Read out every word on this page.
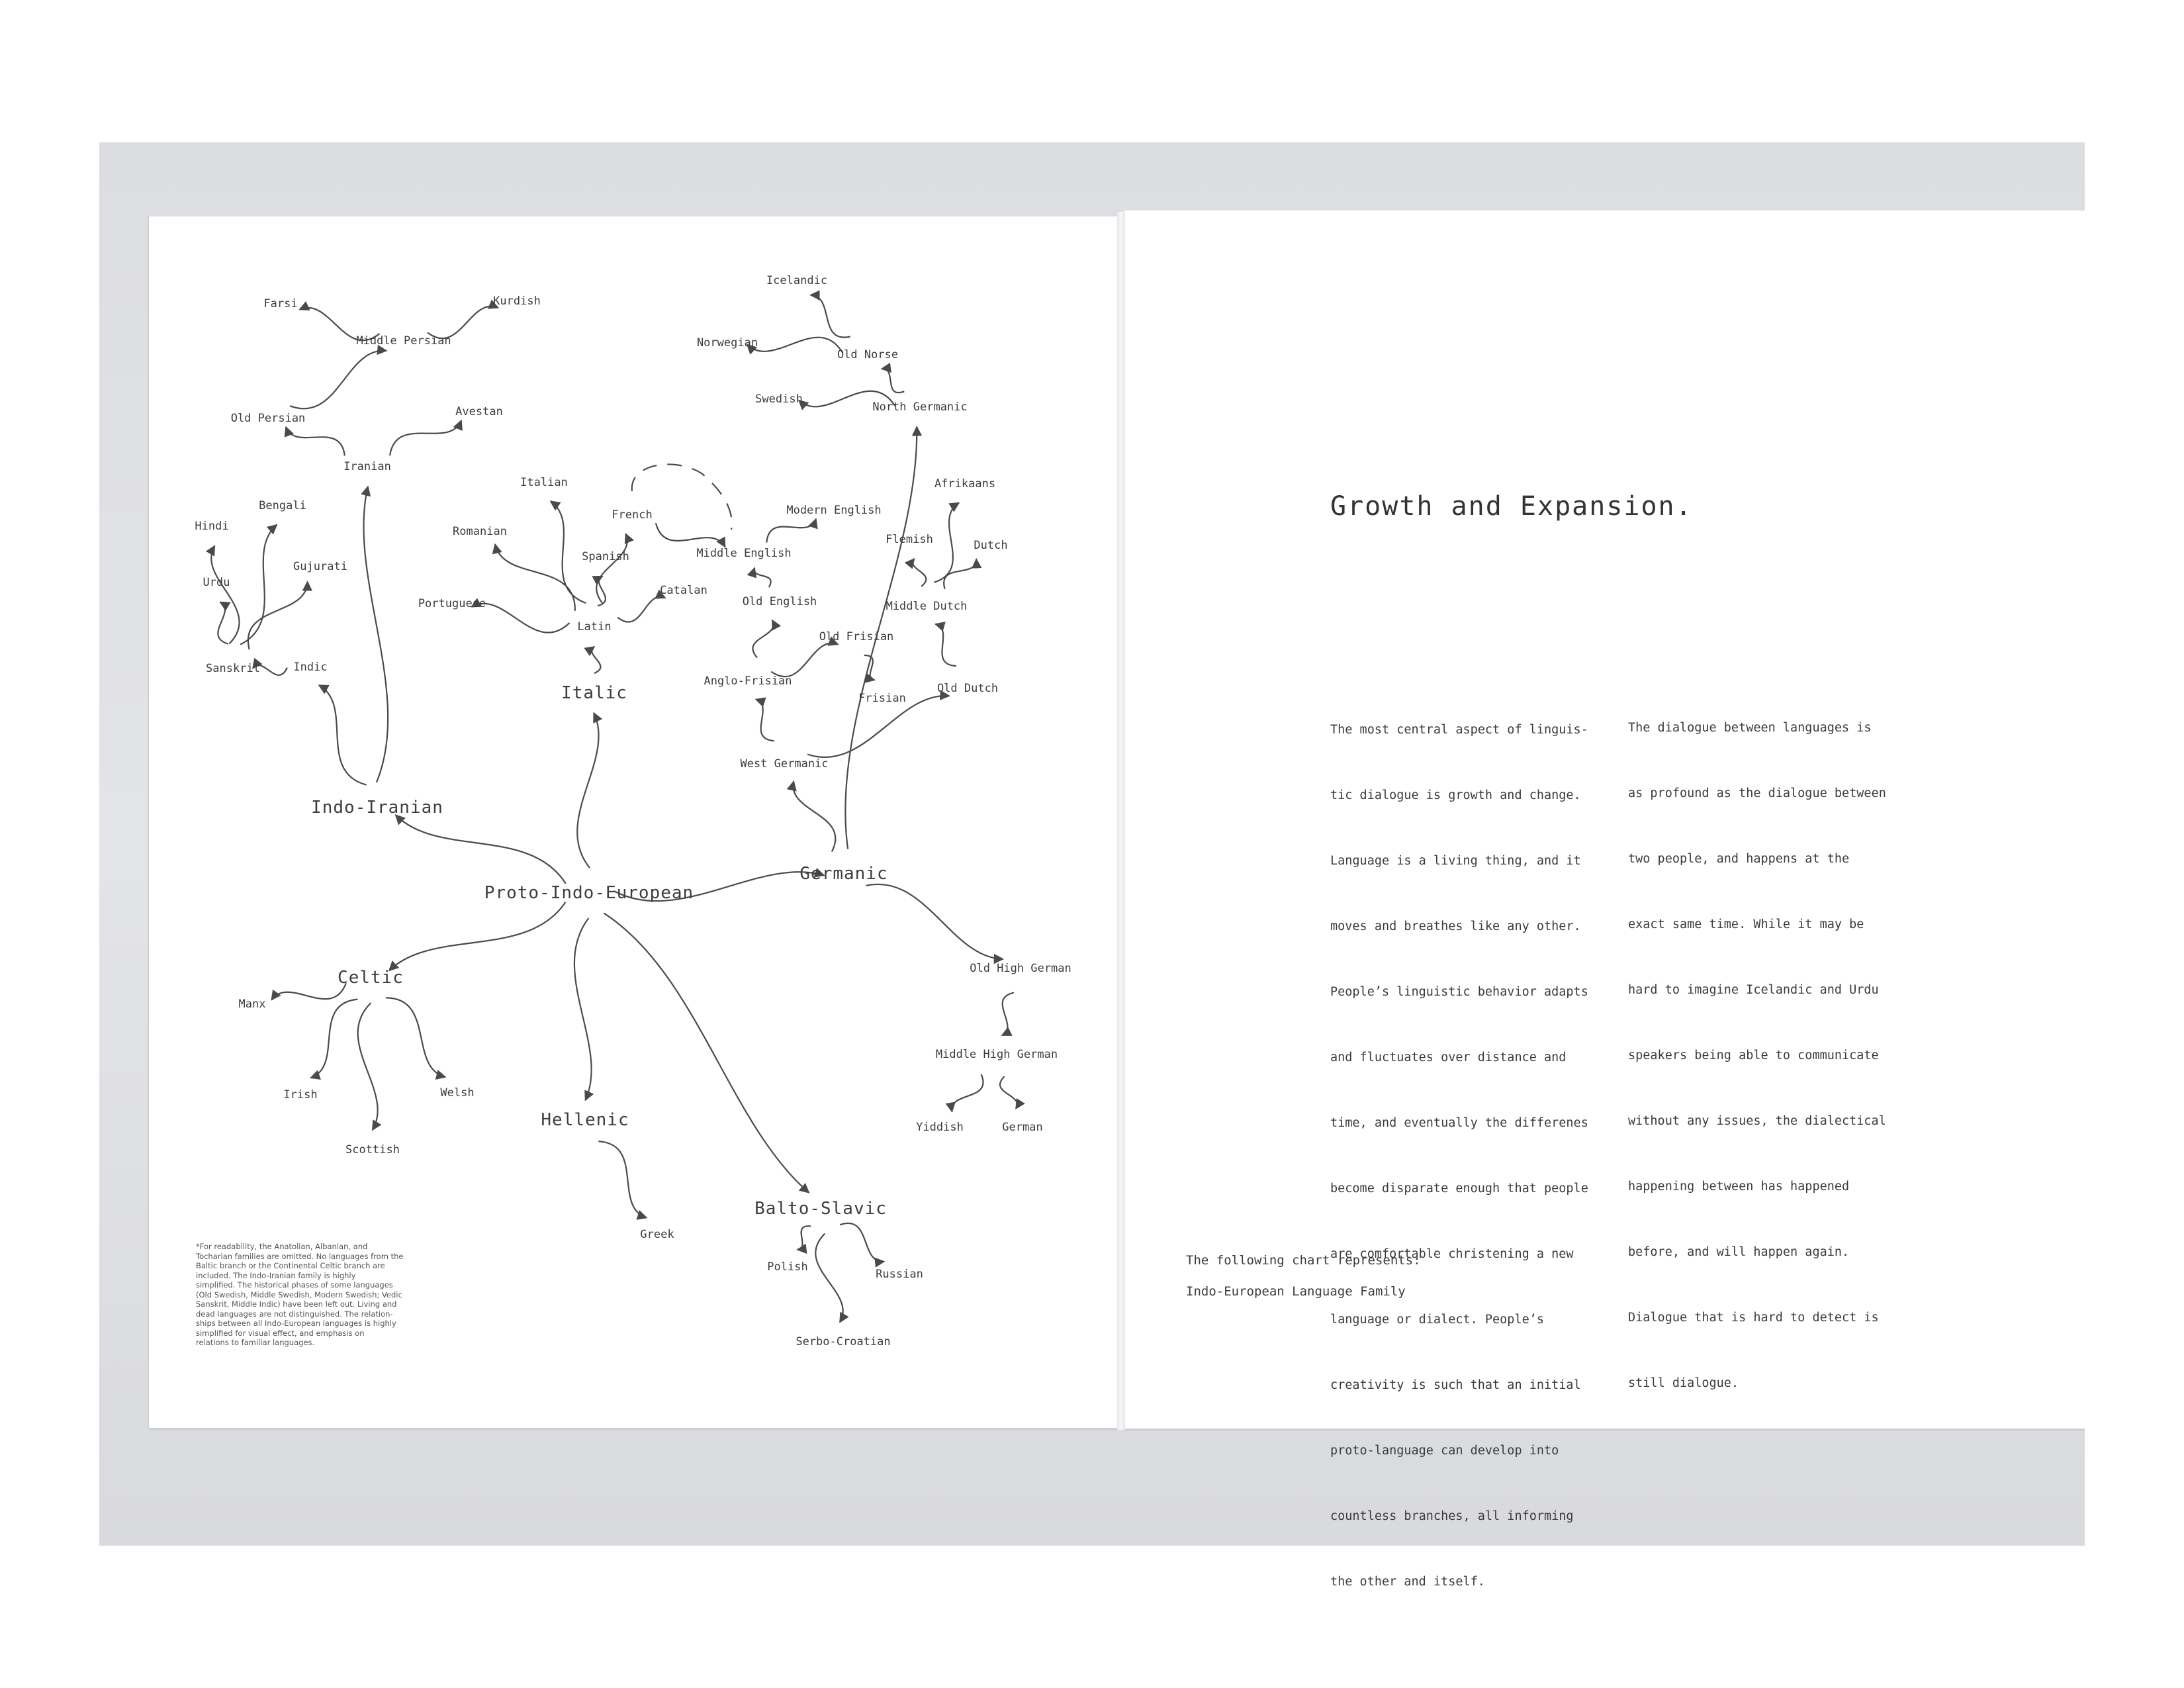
Proto-Indo-European
Indo-Iranian
Italic
Germanic
Celtic
Hellenic
Balto-Slavic
Farsi	Kurdish
Middle Persian
Old Persian	Avestan
Iranian
Hindi
Bengali
Urdu
Gujurati
Sanskrit	Indic
Italian
Romanian
French
Spanish
Portuguese
Catalan
Latin
Icelandic
Norwegian
Old Norse
Swedish
North Germanic
Afrikaans
Modern English
Flemish	Dutch
Middle English
Old English	Middle Dutch
Old Frisian
Anglo-Frisian
Frisian
Old Dutch
West Germanic
Old High German
Middle High German
Yiddish	German
Manx
Irish	Welsh
Scottish
Greek
Polish
Russian
Serbo-Croatian
*For readability, the Anatolian, Albanian, and
Tocharian families are omitted. No languages from the
Baltic branch or the Continental Celtic branch are
included. The Indo-Iranian family is highly
simplified. The historical phases of some languages
(Old Swedish, Middle Swedish, Modern Swedish; Vedic
Sanskrit, Middle Indic) have been left out. Living and
dead languages are not distinguished. The relation-
ships between all Indo-European languages is highly
simplified for visual effect, and emphasis on
relations to familiar languages.
Growth and Expansion.

The most central aspect of linguis-

tic dialogue is growth and change.

Language is a living thing, and it

moves and breathes like any other.

People’s linguistic behavior adapts

and fluctuates over distance and

time, and eventually the differenes

become disparate enough that people

are comfortable christening a new

language or dialect. People’s

creativity is such that an initial

proto-language can develop into

countless branches, all informing

the other and itself.

The dialogue between languages is

as profound as the dialogue between

two people, and happens at the

exact same time. While it may be

hard to imagine Icelandic and Urdu

speakers being able to communicate

without any issues, the dialectical

happening between has happened

before, and will happen again.

Dialogue that is hard to detect is

still dialogue.

The following chart represents:
Indo-European Language Family
